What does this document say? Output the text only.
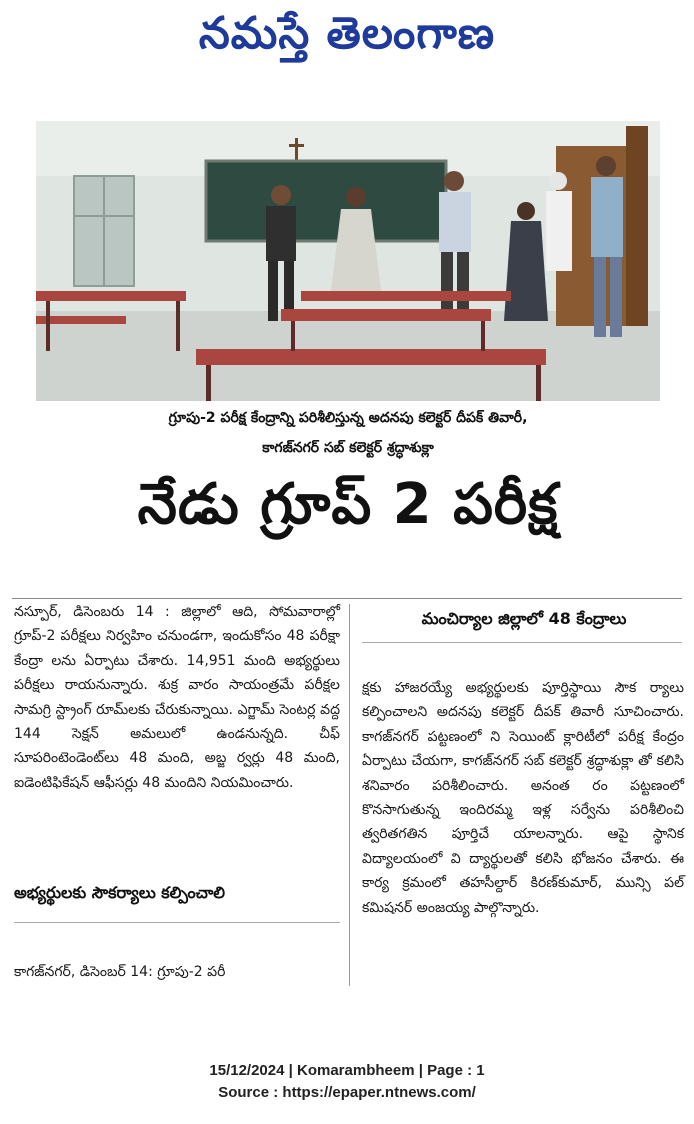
నమస్తే తెలంగాణ
గ్రూపు-2 పరీక్ష కేంద్రాన్ని పరిశీలిస్తున్న అదనపు కలెక్టర్ దీపక్ తివారీ,
కాగజ్‌నగర్ సబ్ కలెక్టర్ శ్రద్ధాశుక్లా
నేడు గ్రూప్ 2 పరీక్ష

నస్పూర్, డిసెంబరు 14 : జిల్లాలో ఆది, సోమవారాల్లో గ్రూప్-2 పరీక్షలు నిర్వహిం చనుండగా, ఇందుకోసం 48 పరీక్షా కేంద్రా లను ఏర్పాటు చేశారు. 14,951 మంది అభ్యర్థులు పరీక్షలు రాయనున్నారు. శుక్ర వారం సాయంత్రమే పరీక్షల సామగ్రి స్ట్రాంగ్ రూమ్‌లకు చేరుకున్నాయి. ఎగ్జామ్ సెంటర్ల వద్ద 144 సెక్షన్ అమలులో ఉండనున్నది. చీఫ్ సూపరింటెండెంట్‌లు 48 మంది, అబ్జ ర్వర్లు 48 మంది, ఐడెంటిఫికేషన్ ఆఫీసర్లు 48 మందిని నియమించారు.

అభ్యర్థులకు సౌకర్యాలు కల్పించాలి

కాగజ్‌నగర్, డిసెంబర్ 14: గ్రూపు-2 పరీ

మంచిర్యాల జిల్లాలో 48 కేంద్రాలు

క్షకు హాజరయ్యే అభ్యర్థులకు పూర్తిస్థాయి సౌక ర్యాలు కల్పించాలని అదనపు కలెక్టర్ దీపక్ తివారీ సూచించారు. కాగజ్‌నగర్ పట్టణంలో ని సెయింట్ క్లారిటీలో పరీక్ష కేంద్రం ఏర్పాటు చేయగా, కాగజ్‌నగర్ సబ్ కలెక్టర్ శ్రద్ధాశుక్లా తో కలిసి శనివారం పరిశీలించారు. అనంత రం పట్టణంలో కొనసాగుతున్న ఇందిరమ్మ ఇళ్ల సర్వేను పరిశీలించి త్వరితగతిన పూర్తిచే యాలన్నారు. ఆపై స్థానిక విద్యాలయంలో వి ద్యార్థులతో కలిసి భోజనం చేశారు. ఈ కార్య క్రమంలో తహసీల్దార్ కిరణ్‌కుమార్, మున్సి పల్ కమిషనర్ అంజయ్య పాల్గొన్నారు.

15/12/2024 | Komarambheem | Page : 1
Source : https://epaper.ntnews.com/
